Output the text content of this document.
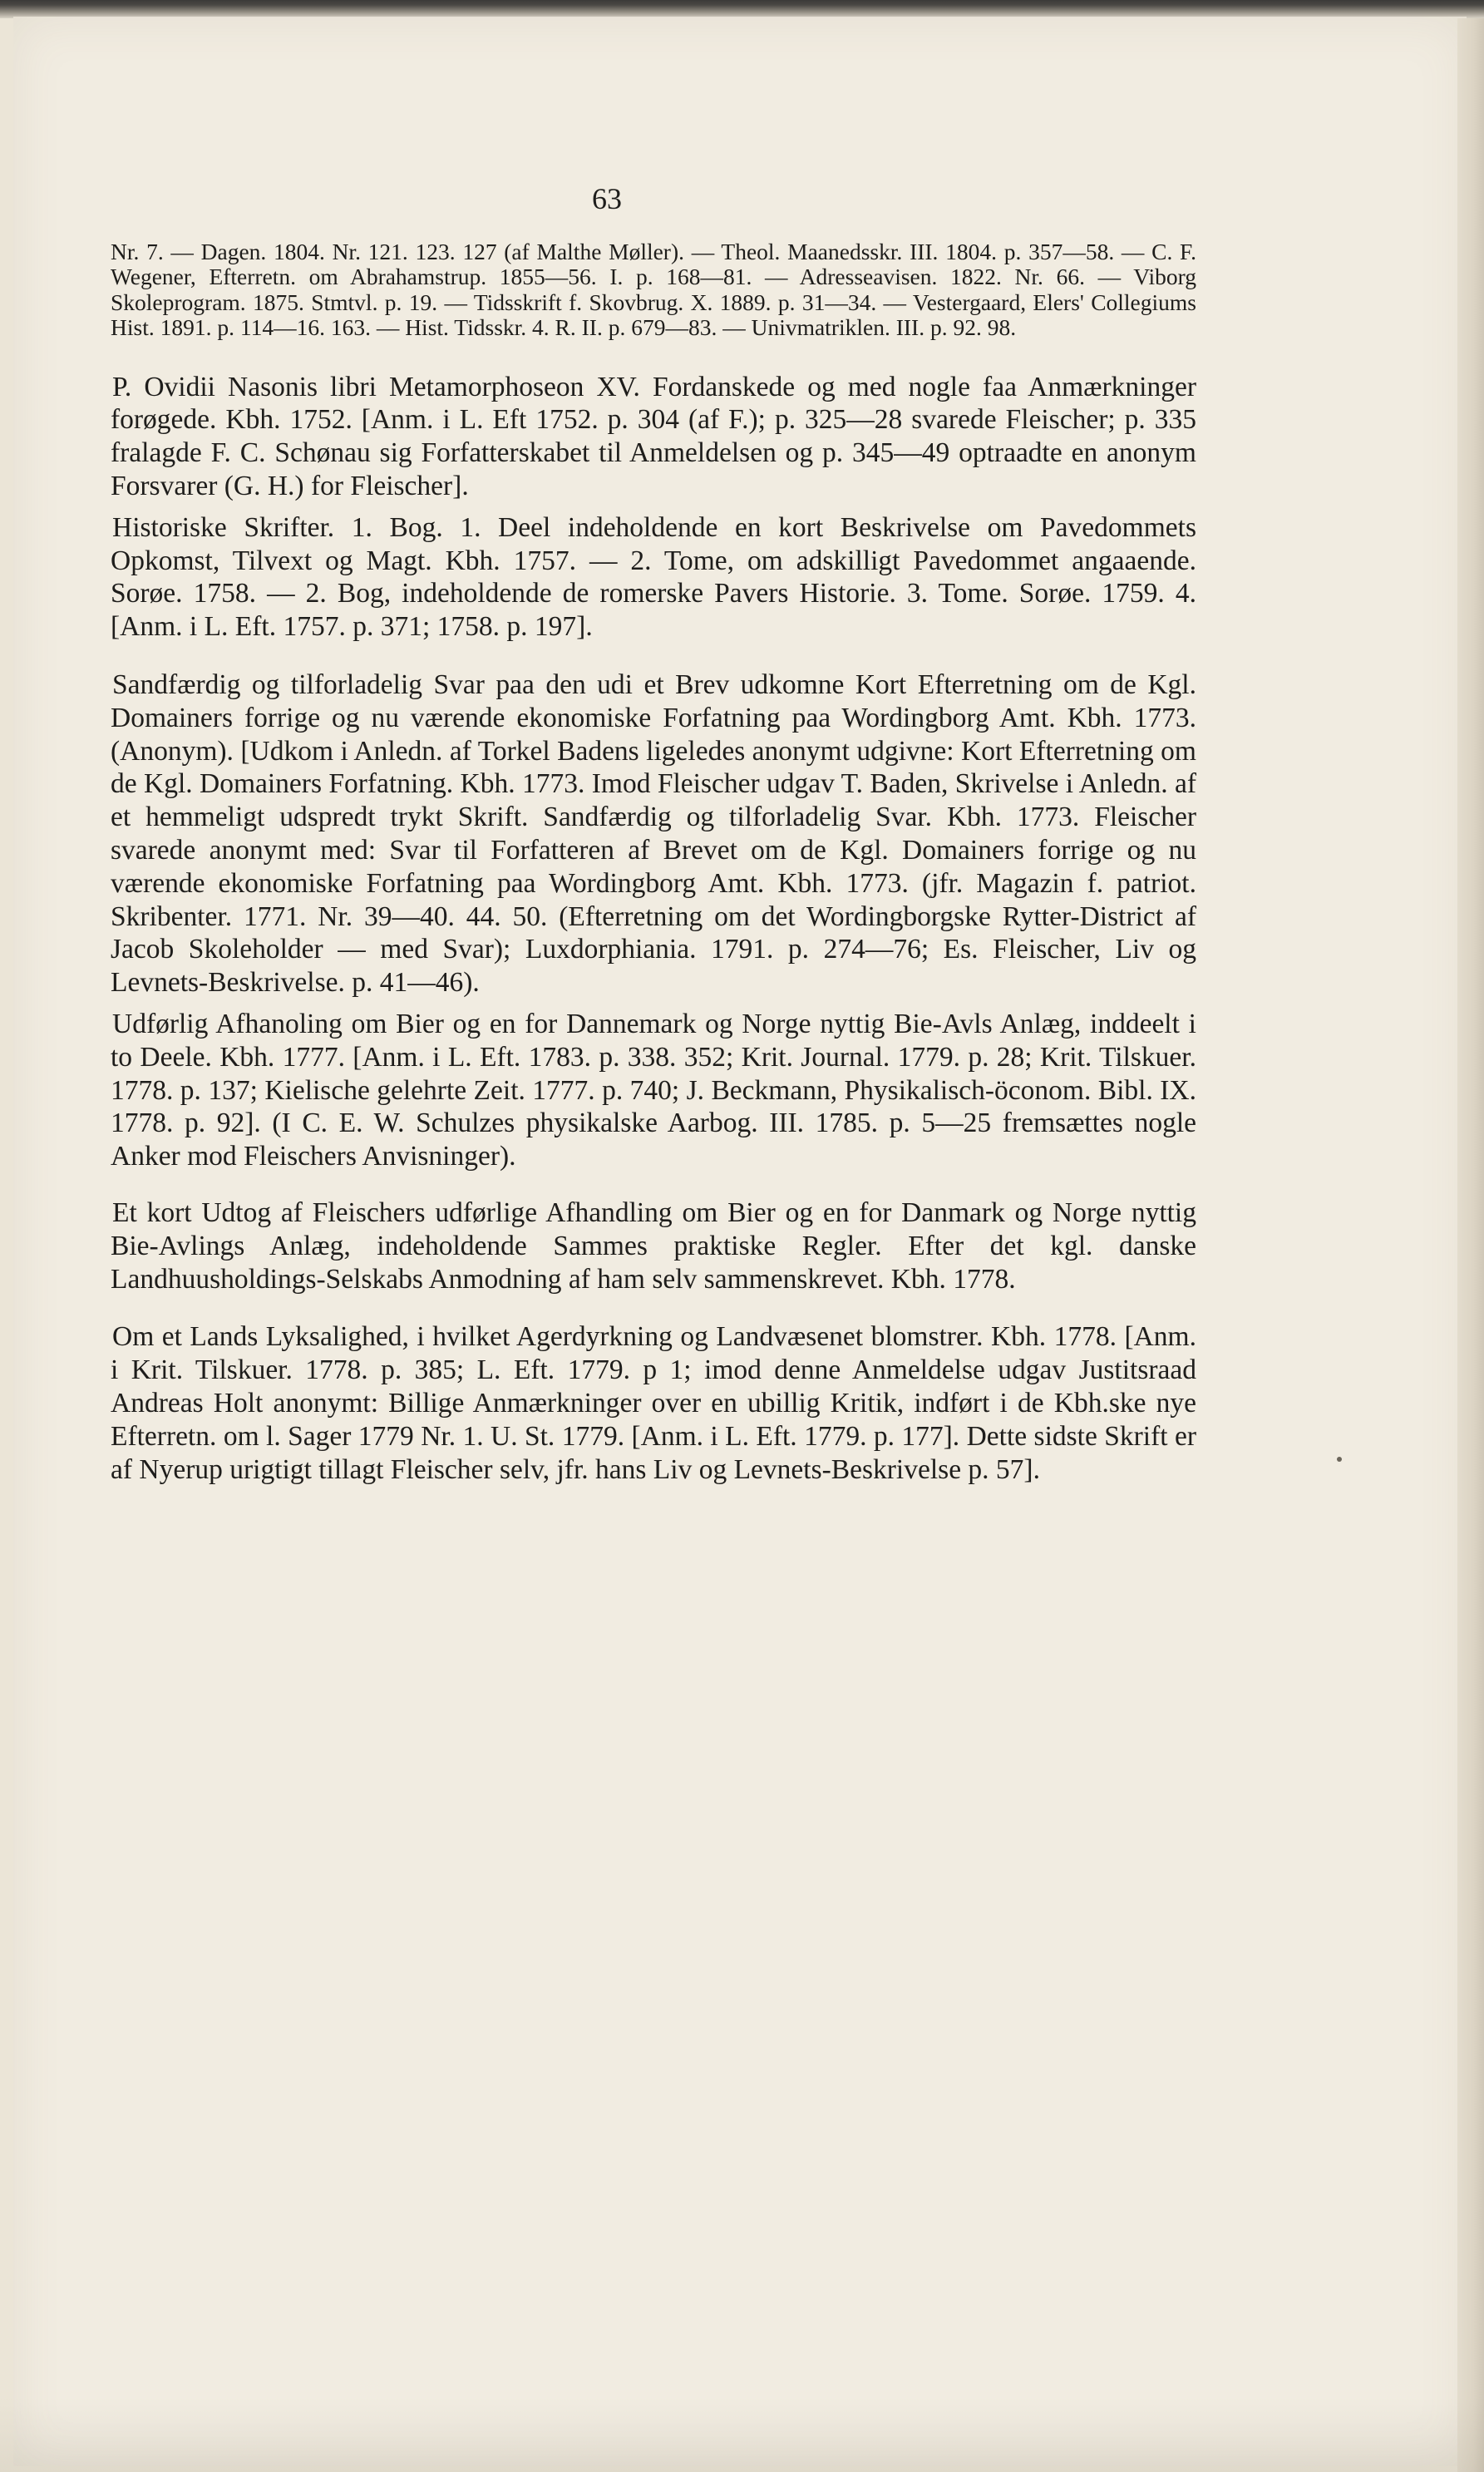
63

Nr. 7. — Dagen. 1804. Nr. 121. 123. 127 (af Malthe Møller). — Theol. Maanedsskr. III. 1804. p. 357—58. — C. F. Wegener, Efterretn. om Abrahamstrup. 1855—56. I. p. 168—81. — Adresseavisen. 1822. Nr. 66. — Viborg Skoleprogram. 1875. Stmtvl. p. 19. — Tidsskrift f. Skovbrug. X. 1889. p. 31—34. — Vestergaard, Elers' Collegiums Hist. 1891. p. 114—16. 163. — Hist. Tidsskr. 4. R. II. p. 679—83. — Univmatriklen. III. p. 92. 98.

P. Ovidii Nasonis libri Metamorphoseon XV. Fordanskede og med nogle faa Anmærkninger forøgede. Kbh. 1752. [Anm. i L. Eft 1752. p. 304 (af F.); p. 325—28 svarede Fleischer; p. 335 fralagde F. C. Schønau sig Forfatterskabet til Anmeldelsen og p. 345—49 optraadte en anonym Forsvarer (G. H.) for Fleischer].

Historiske Skrifter. 1. Bog. 1. Deel indeholdende en kort Beskrivelse om Pavedommets Opkomst, Tilvext og Magt. Kbh. 1757. — 2. Tome, om adskilligt Pavedommet angaaende. Sorøe. 1758. — 2. Bog, indeholdende de romerske Pavers Historie. 3. Tome. Sorøe. 1759. 4. [Anm. i L. Eft. 1757. p. 371; 1758. p. 197].

Sandfærdig og tilforladelig Svar paa den udi et Brev udkomne Kort Efterretning om de Kgl. Domainers forrige og nu værende ekonomiske Forfatning paa Wordingborg Amt. Kbh. 1773. (Anonym). [Udkom i Anledn. af Torkel Badens ligeledes anonymt udgivne: Kort Efterretning om de Kgl. Domainers Forfatning. Kbh. 1773. Imod Fleischer udgav T. Baden, Skrivelse i Anledn. af et hemmeligt udspredt trykt Skrift. Sandfærdig og tilforladelig Svar. Kbh. 1773. Fleischer svarede anonymt med: Svar til Forfatteren af Brevet om de Kgl. Domainers forrige og nu værende ekonomiske Forfatning paa Wordingborg Amt. Kbh. 1773. (jfr. Magazin f. patriot. Skribenter. 1771. Nr. 39—40. 44. 50. (Efterretning om det Wordingborgske Rytter-District af Jacob Skoleholder — med Svar); Luxdorphiania. 1791. p. 274—76; Es. Fleischer, Liv og Levnets-Beskrivelse. p. 41—46).

Udførlig Afhanoling om Bier og en for Dannemark og Norge nyttig Bie-Avls Anlæg, inddeelt i to Deele. Kbh. 1777. [Anm. i L. Eft. 1783. p. 338. 352; Krit. Journal. 1779. p. 28; Krit. Tilskuer. 1778. p. 137; Kielische gelehrte Zeit. 1777. p. 740; J. Beckmann, Physikalisch-öconom. Bibl. IX. 1778. p. 92]. (I C. E. W. Schulzes physikalske Aarbog. III. 1785. p. 5—25 fremsættes nogle Anker mod Fleischers Anvisninger).

Et kort Udtog af Fleischers udførlige Afhandling om Bier og en for Danmark og Norge nyttig Bie-Avlings Anlæg, indeholdende Sammes praktiske Regler. Efter det kgl. danske Landhuusholdings-Selskabs Anmodning af ham selv sammenskrevet. Kbh. 1778.

Om et Lands Lyksalighed, i hvilket Agerdyrkning og Landvæsenet blomstrer. Kbh. 1778. [Anm. i Krit. Tilskuer. 1778. p. 385; L. Eft. 1779. p 1; imod denne Anmeldelse udgav Justitsraad Andreas Holt anonymt: Billige Anmærkninger over en ubillig Kritik, indført i de Kbh.ske nye Efterretn. om l. Sager 1779 Nr. 1. U. St. 1779. [Anm. i L. Eft. 1779. p. 177]. Dette sidste Skrift er af Nyerup urigtigt tillagt Fleischer selv, jfr. hans Liv og Levnets-Beskrivelse p. 57].
